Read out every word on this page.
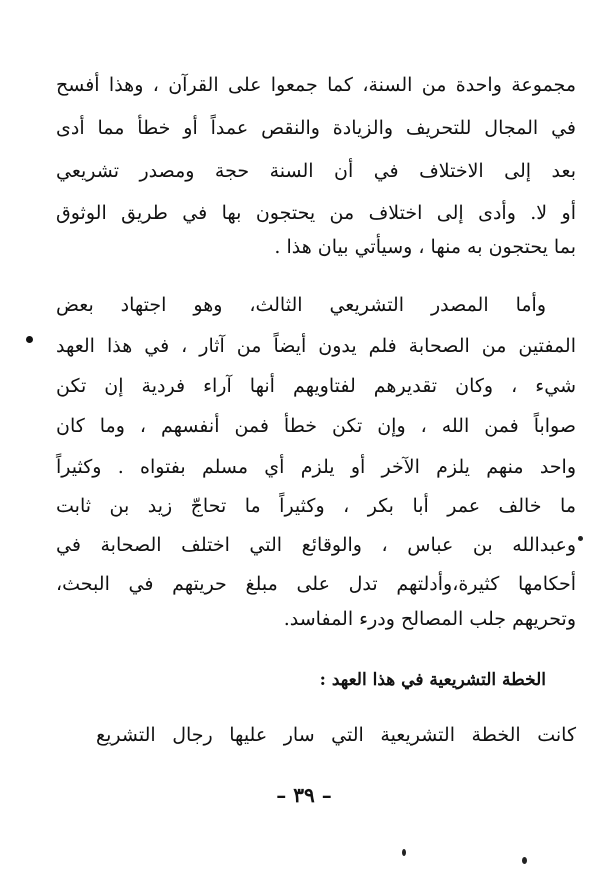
مجموعة واحدة من السنة، كما جمعوا على القرآن ، وهذا أفسح
في المجال للتحريف والزيادة والنقص عمداً أو خطأ مما أدى
بعد إلى الاختلاف في أن السنة حجة ومصدر تشريعي
أو لا. وأدى إلى اختلاف من يحتجون بها في طريق الوثوق
بما يحتجون به منها ، وسيأتي بيان هذا .
وأما المصدر التشريعي الثالث، وهو اجتهاد بعض
المفتين من الصحابة فلم يدون أيضاً من آثار ، في هذا العهد
شيء ، وكان تقديرهم لفتاويهم أنها آراء فردية إن تكن
صواباً فمن الله ، وإن تكن خطأ فمن أنفسهم ، وما كان
واحد منهم يلزم الآخر أو يلزم أي مسلم بفتواه . وكثيراً
ما خالف عمر أبا بكر ، وكثيراً ما تحاجّ زيد بن ثابت
وعبدالله بن عباس ، والوقائع التي اختلف الصحابة في
أحكامها كثيرة،وأدلتهم تدل على مبلغ حريتهم في البحث،
وتحريهم جلب المصالح ودرء المفاسد.
الخطة التشريعية في هذا العهد :
كانت الخطة التشريعية التي سار عليها رجال التشريع
– ٣٩ –
